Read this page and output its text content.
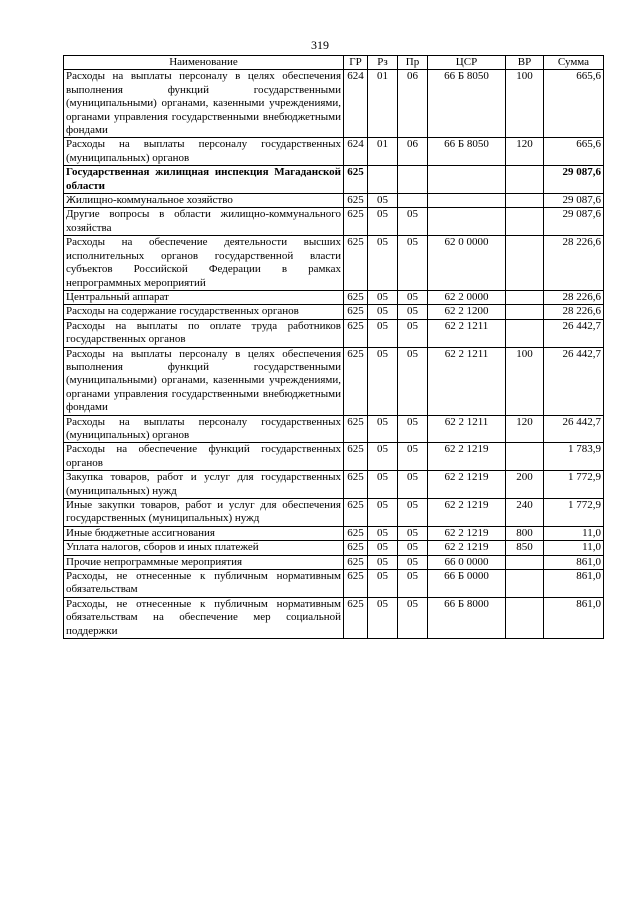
319
Наименование	ГР	Рз	Пр	ЦСР	ВР	Сумма
Расходы на выплаты персоналу в целях обеспечения выполнения функций государственными (муниципальными) органами, казенными учреждениями, органами управления государственными внебюджетными фондами	624	01	06	66 Б 8050	100	665,6
Расходы на выплаты персоналу государственных (муниципальных) органов	624	01	06	66 Б 8050	120	665,6
Государственная жилищная инспекция Магаданской области	625					29 087,6
Жилищно-коммунальное хозяйство	625	05				29 087,6
Другие вопросы в области жилищно-коммунального хозяйства	625	05	05			29 087,6
Расходы на обеспечение деятельности высших исполнительных органов государственной власти субъектов Российской Федерации в рамках непрограммных мероприятий	625	05	05	62 0 0000		28 226,6
Центральный аппарат	625	05	05	62 2 0000		28 226,6
Расходы на содержание государственных органов	625	05	05	62 2 1200		28 226,6
Расходы на выплаты по оплате труда работников государственных органов	625	05	05	62 2 1211		26 442,7
Расходы на выплаты персоналу в целях обеспечения выполнения функций государственными (муниципальными) органами, казенными учреждениями, органами управления государственными внебюджетными фондами	625	05	05	62 2 1211	100	26 442,7
Расходы на выплаты персоналу государственных (муниципальных) органов	625	05	05	62 2 1211	120	26 442,7
Расходы на обеспечение функций государственных органов	625	05	05	62 2 1219		1 783,9
Закупка товаров, работ и услуг для государственных (муниципальных) нужд	625	05	05	62 2 1219	200	1 772,9
Иные закупки товаров, работ и услуг для обеспечения государственных (муниципальных) нужд	625	05	05	62 2 1219	240	1 772,9
Иные бюджетные ассигнования	625	05	05	62 2 1219	800	11,0
Уплата налогов, сборов и иных платежей	625	05	05	62 2 1219	850	11,0
Прочие непрограммные мероприятия	625	05	05	66 0 0000		861,0
Расходы, не отнесенные к публичным нормативным обязательствам	625	05	05	66 Б 0000		861,0
Расходы, не отнесенные к публичным нормативным обязательствам на обеспечение мер социальной поддержки	625	05	05	66 Б 8000		861,0
